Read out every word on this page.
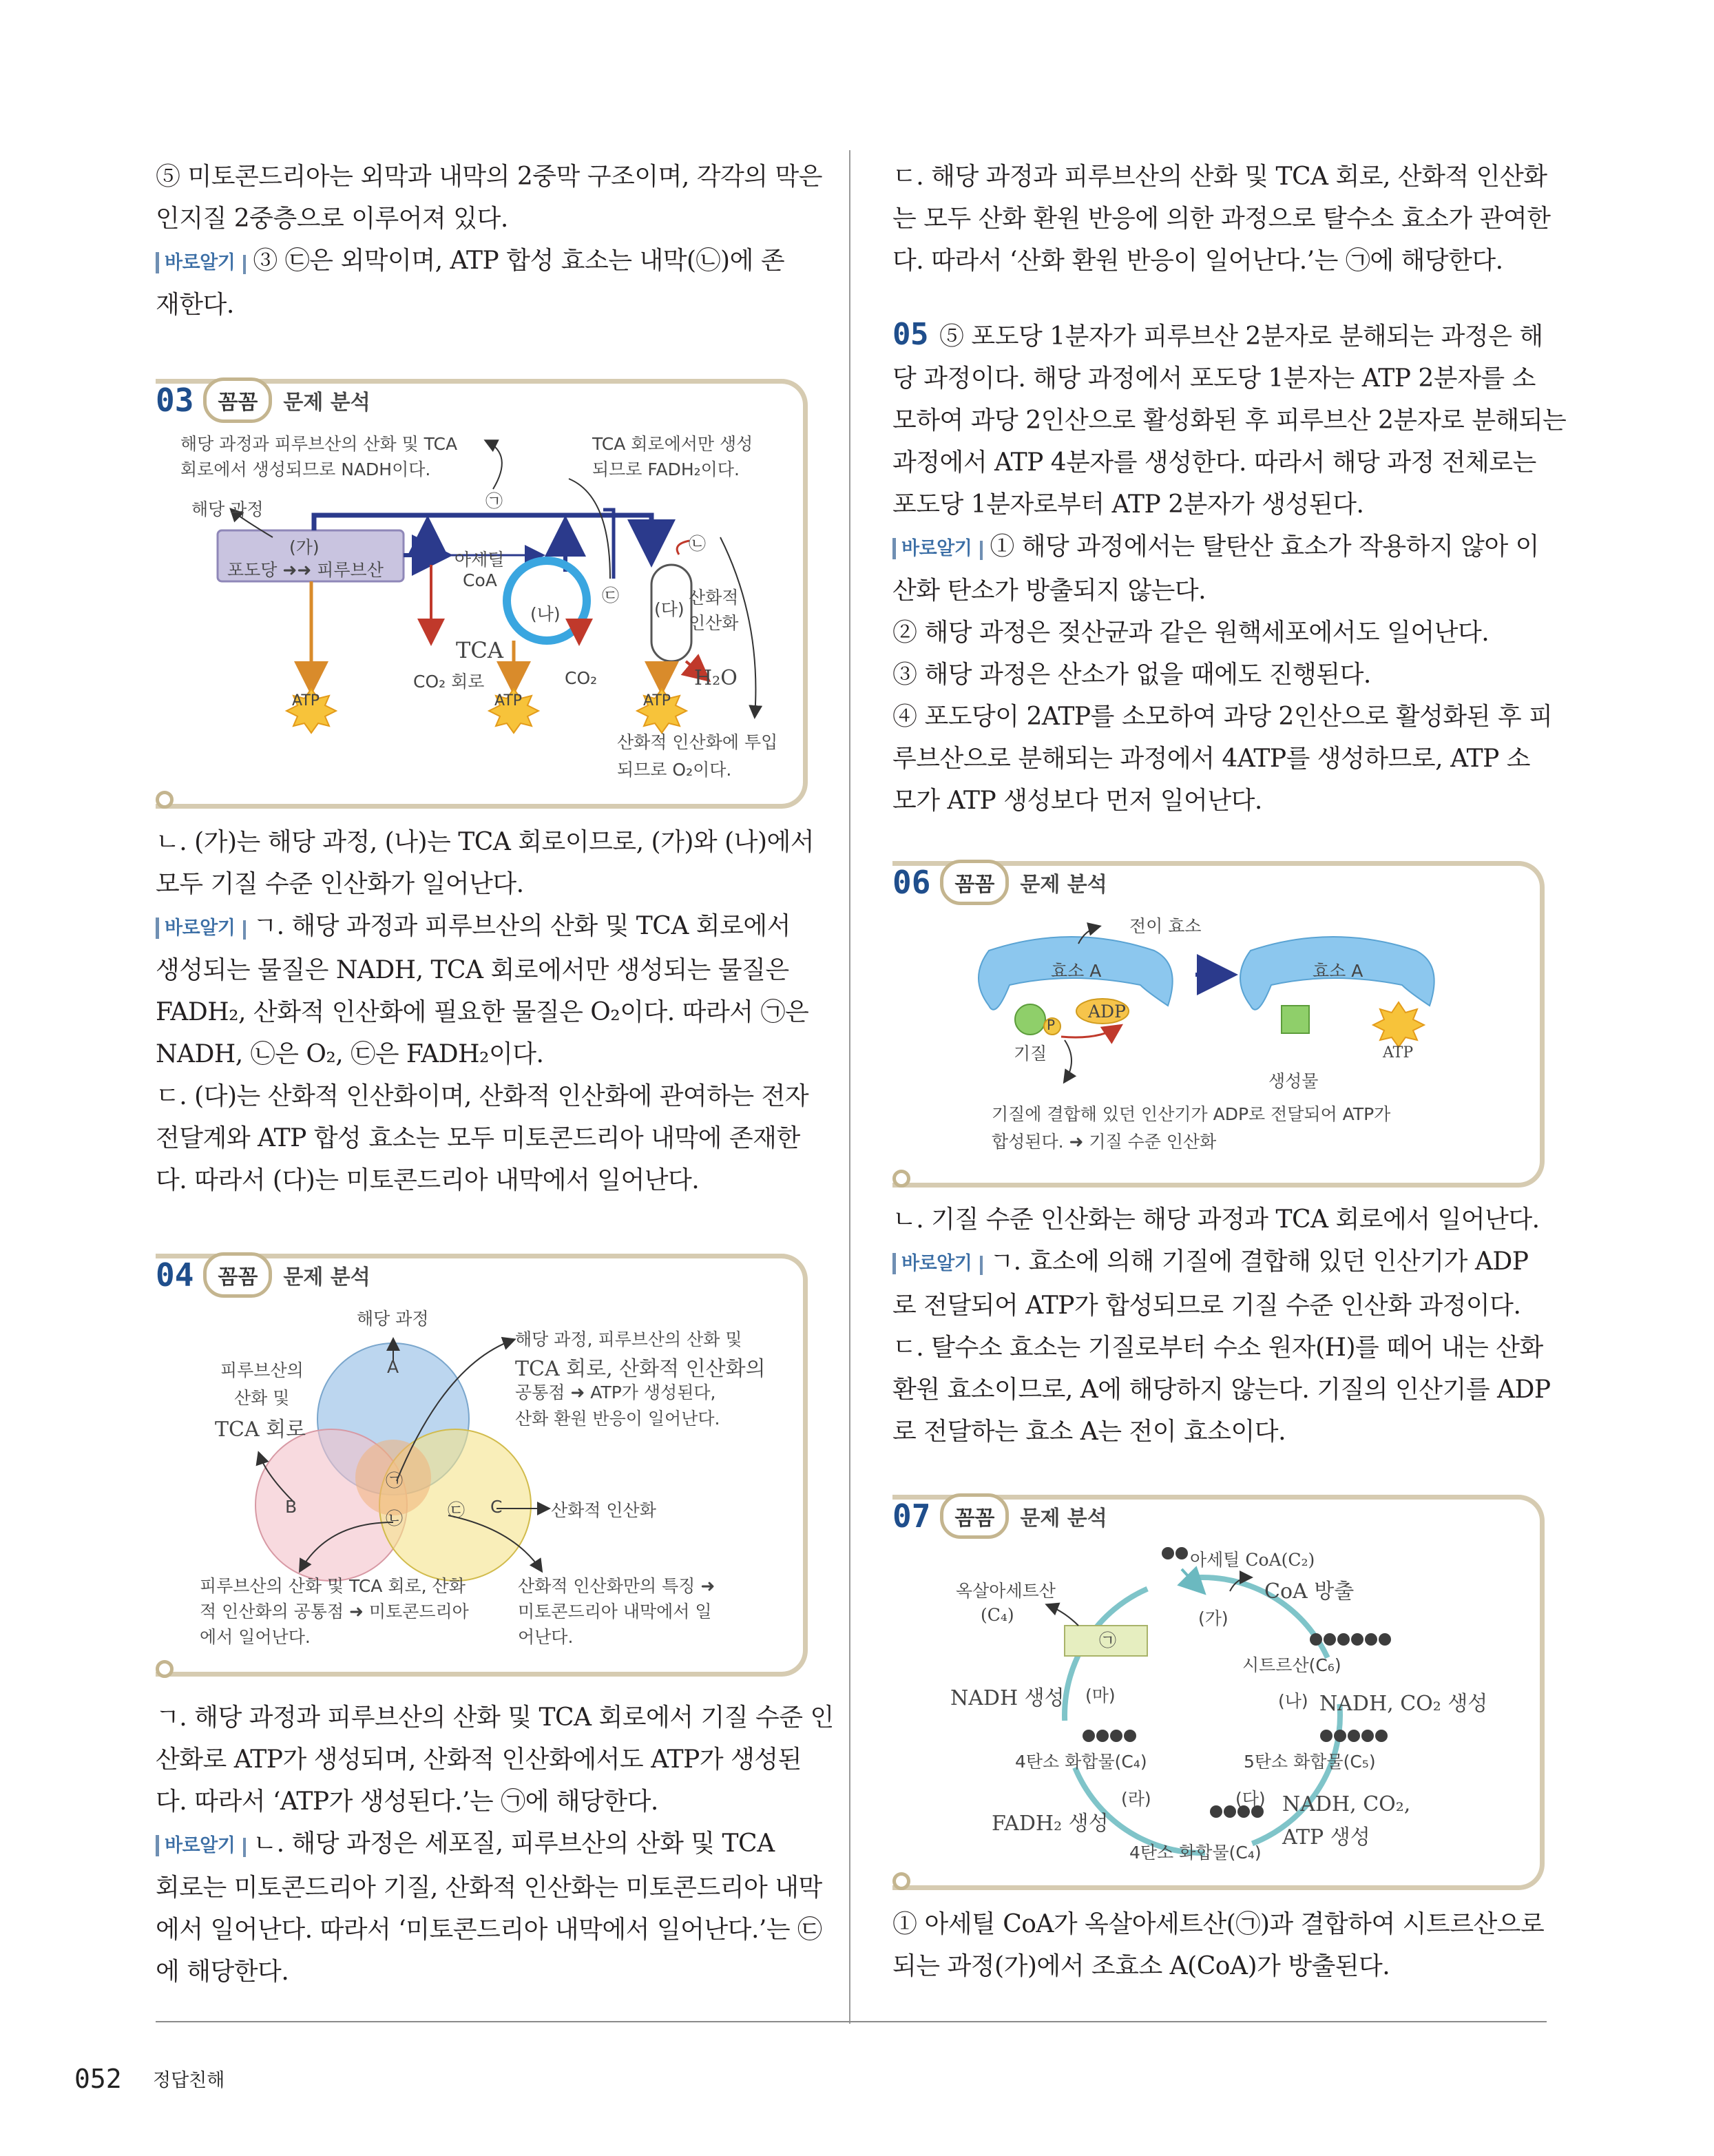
⑤ 미토콘드리아는 외막과 내막의 2중막 구조이며, 각각의 막은
인지질 2중층으로 이루어져 있다.
바로알기 ③ ㉢은 외막이며, ATP 합성 효소는 내막(㉡)에 존
재한다.
03	꼼꼼	문제 분석
해당 과정과 피루브산의 산화 및 TCA
회로에서 생성되므로 NADH이다.
TCA 회로에서만 생성
되므로 FADH₂이다.
해당 과정
(가)
포도당 ➜➜ 피루브산
아세틸
CoA
(나)
TCA
CO₂ 회로	CO₂
(다)
산화적
인산화
H₂O
㉠
㉡
㉢
ATP	ATP	ATP
산화적 인산화에 투입
되므로 O₂이다.
ㄴ. (가)는 해당 과정, (나)는 TCA 회로이므로, (가)와 (나)에서
모두 기질 수준 인산화가 일어난다.
바로알기 ㄱ. 해당 과정과 피루브산의 산화 및 TCA 회로에서
생성되는 물질은 NADH, TCA 회로에서만 생성되는 물질은
FADH₂, 산화적 인산화에 필요한 물질은 O₂이다. 따라서 ㉠은
NADH, ㉡은 O₂, ㉢은 FADH₂이다.
ㄷ. (다)는 산화적 인산화이며, 산화적 인산화에 관여하는 전자
전달계와 ATP 합성 효소는 모두 미토콘드리아 내막에 존재한
다. 따라서 (다)는 미토콘드리아 내막에서 일어난다.
04	꼼꼼	문제 분석
해당 과정
A
B	C
피루브산의
산화 및
TCA 회로
해당 과정, 피루브산의 산화 및
TCA 회로, 산화적 인산화의
공통점 ➜ ATP가 생성된다,
산화 환원 반응이 일어난다.
산화적 인산화
㉠
㉡	㉢
피루브산의 산화 및 TCA 회로, 산화
적 인산화의 공통점 ➜ 미토콘드리아
에서 일어난다.
산화적 인산화만의 특징 ➜
미토콘드리아 내막에서 일
어난다.
ㄱ. 해당 과정과 피루브산의 산화 및 TCA 회로에서 기질 수준 인
산화로 ATP가 생성되며, 산화적 인산화에서도 ATP가 생성된
다. 따라서 ‘ATP가 생성된다.’는 ㉠에 해당한다.
바로알기 ㄴ. 해당 과정은 세포질, 피루브산의 산화 및 TCA
회로는 미토콘드리아 기질, 산화적 인산화는 미토콘드리아 내막
에서 일어난다. 따라서 ‘미토콘드리아 내막에서 일어난다.’는 ㉢
에 해당한다.
ㄷ. 해당 과정과 피루브산의 산화 및 TCA 회로, 산화적 인산화
는 모두 산화 환원 반응에 의한 과정으로 탈수소 효소가 관여한
다. 따라서 ‘산화 환원 반응이 일어난다.’는 ㉠에 해당한다.
05 ⑤ 포도당 1분자가 피루브산 2분자로 분해되는 과정은 해
당 과정이다. 해당 과정에서 포도당 1분자는 ATP 2분자를 소
모하여 과당 2인산으로 활성화된 후 피루브산 2분자로 분해되는
과정에서 ATP 4분자를 생성한다. 따라서 해당 과정 전체로는
포도당 1분자로부터 ATP 2분자가 생성된다.
바로알기 ① 해당 과정에서는 탈탄산 효소가 작용하지 않아 이
산화 탄소가 방출되지 않는다.
② 해당 과정은 젖산균과 같은 원핵세포에서도 일어난다.
③ 해당 과정은 산소가 없을 때에도 진행된다.
④ 포도당이 2ATP를 소모하여 과당 2인산으로 활성화된 후 피
루브산으로 분해되는 과정에서 4ATP를 생성하므로, ATP 소
모가 ATP 생성보다 먼저 일어난다.
06	꼼꼼	문제 분석
전이 효소
효소 A	효소 A
ADP
P
기질
생성물
ATP
기질에 결합해 있던 인산기가 ADP로 전달되어 ATP가
합성된다. ➜ 기질 수준 인산화
ㄴ. 기질 수준 인산화는 해당 과정과 TCA 회로에서 일어난다.
바로알기 ㄱ. 효소에 의해 기질에 결합해 있던 인산기가 ADP
로 전달되어 ATP가 합성되므로 기질 수준 인산화 과정이다.
ㄷ. 탈수소 효소는 기질로부터 수소 원자(H)를 떼어 내는 산화
환원 효소이므로, A에 해당하지 않는다. 기질의 인산기를 ADP
로 전달하는 효소 A는 전이 효소이다.
07	꼼꼼	문제 분석
아세틸 CoA(C₂)
옥살아세트산
(C₄)
CoA 방출
(가)
㉠
시트르산(C₆)
NADH 생성 (마)	(나) NADH, CO₂ 생성
4탄소 화합물(C₄)	5탄소 화합물(C₅)
(라)	(다)
FADH₂ 생성
NADH, CO₂,
ATP 생성
4탄소 화합물(C₄)
① 아세틸 CoA가 옥살아세트산(㉠)과 결합하여 시트르산으로
되는 과정(가)에서 조효소 A(CoA)가 방출된다.
052 정답친해
